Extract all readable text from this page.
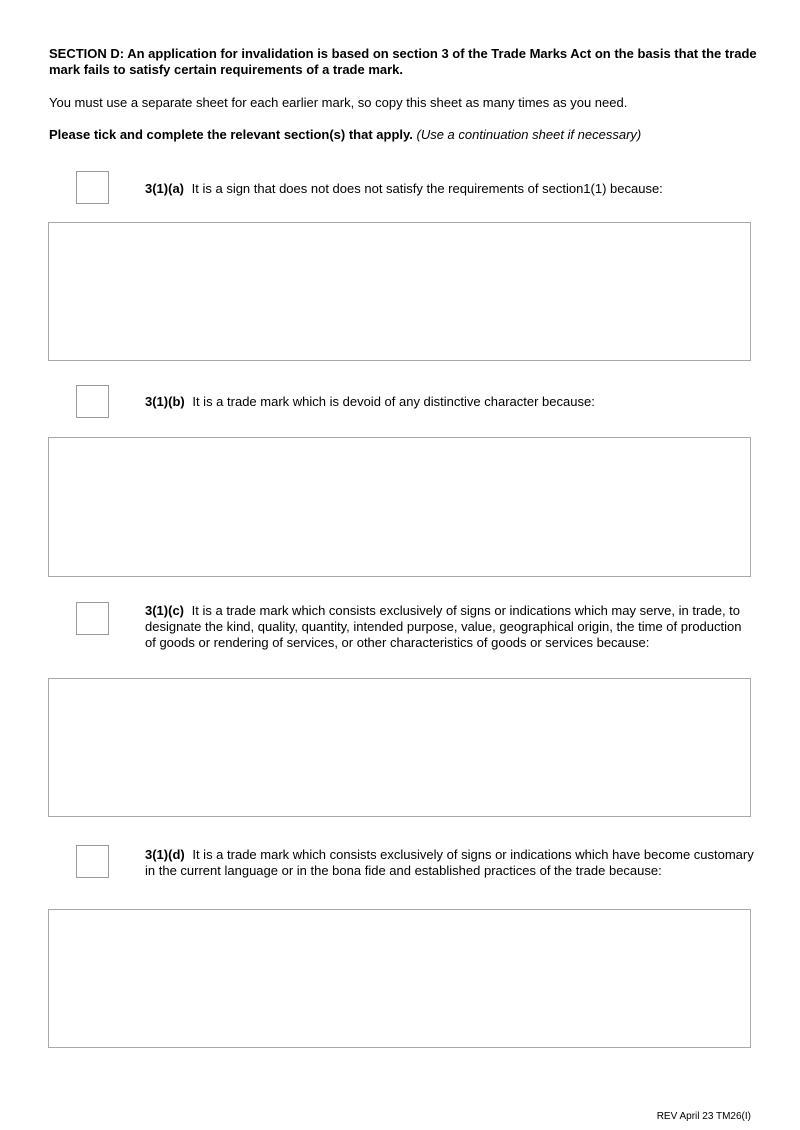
SECTION D: An application for invalidation is based on section 3 of the Trade Marks Act on the basis that the trade mark fails to satisfy certain requirements of a trade mark.
You must use a separate sheet for each earlier mark, so copy this sheet as many times as you need.
Please tick and complete the relevant section(s) that apply. (Use a continuation sheet if necessary)
3(1)(a) It is a sign that does not does not satisfy the requirements of section1(1) because:
3(1)(b) It is a trade mark which is devoid of any distinctive character because:
3(1)(c) It is a trade mark which consists exclusively of signs or indications which may serve, in trade, to designate the kind, quality, quantity, intended purpose, value, geographical origin, the time of production of goods or rendering of services, or other characteristics of goods or services because:
3(1)(d) It is a trade mark which consists exclusively of signs or indications which have become customary in the current language or in the bona fide and established practices of the trade because:
REV April 23 TM26(I)
